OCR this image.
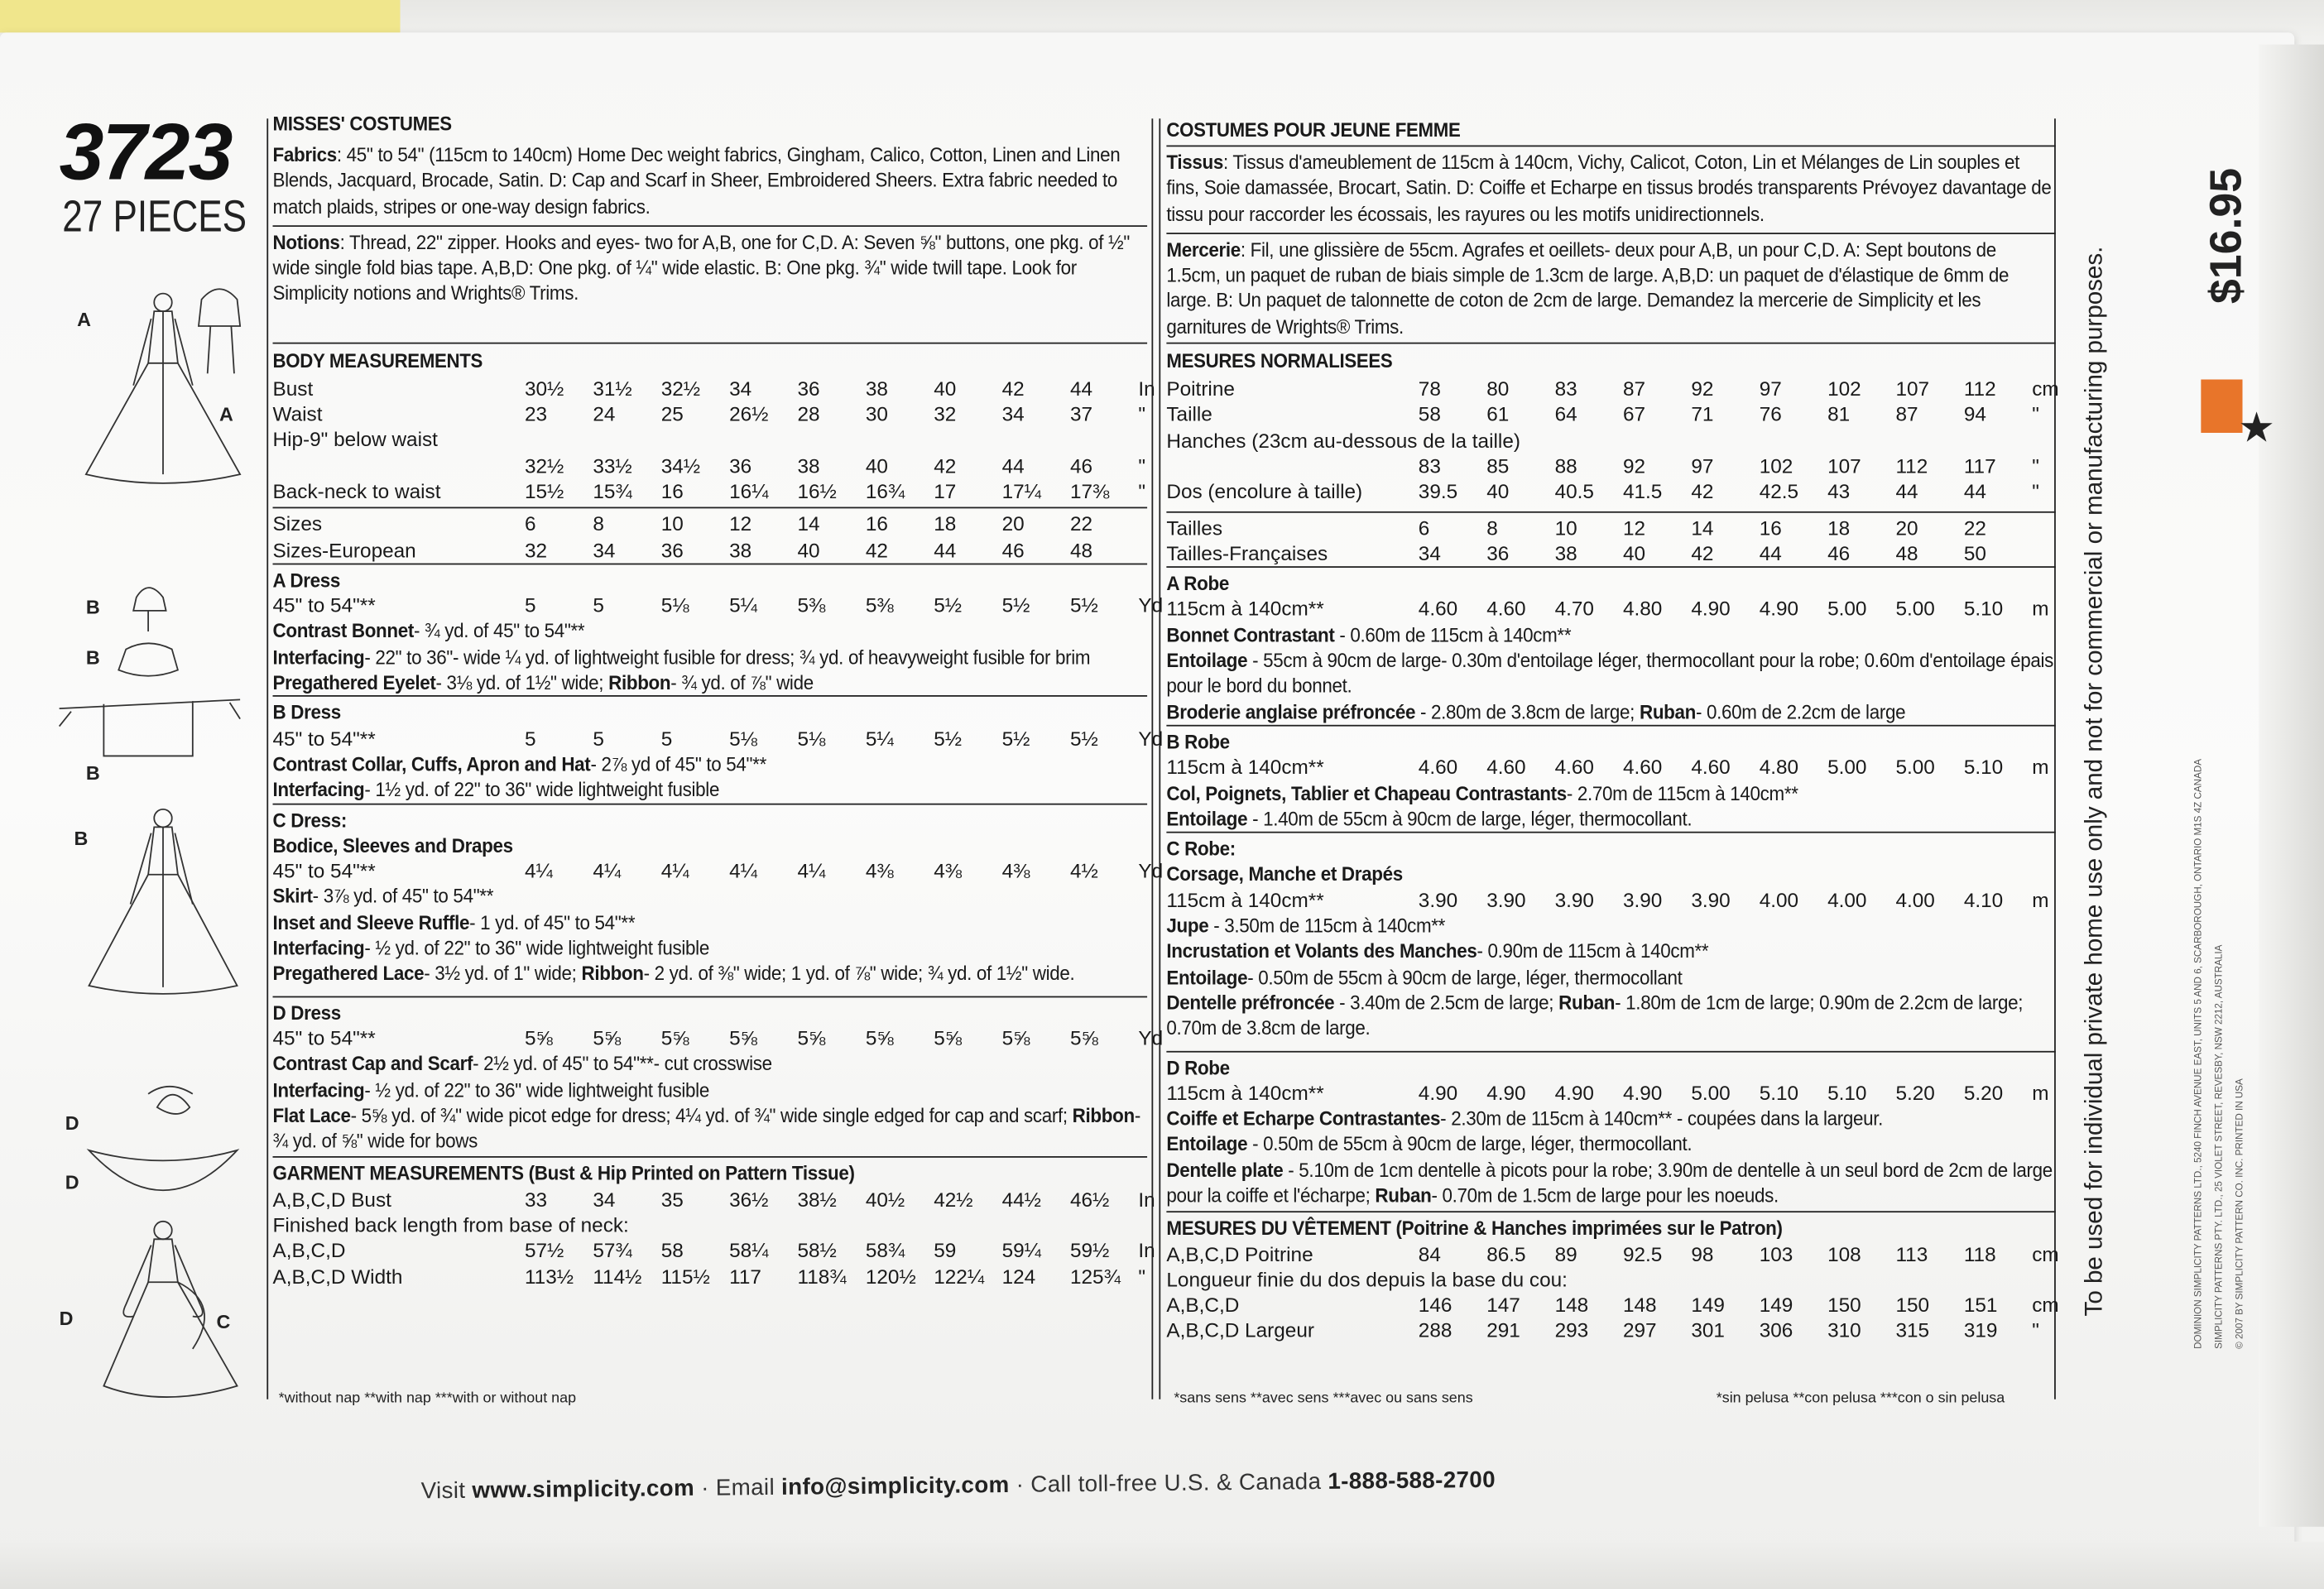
3723
27 PIECES
A
A
B
B
B
B
D
D
D	C

MISSES' COSTUMES

Fabrics: 45" to 54" (115cm to 140cm) Home Dec weight fabrics, Gingham, Calico, Cotton, Linen and Linen Blends, Jacquard, Brocade, Satin. D: Cap and Scarf in Sheer, Embroidered Sheers. Extra fabric needed to match plaids, stripes or one-way design fabrics.

Notions: Thread, 22" zipper. Hooks and eyes- two for A,B, one for C,D. A: Seven ⅝" buttons, one pkg. of ½" wide single fold bias tape. A,B,D: One pkg. of ¼" wide elastic. B: One pkg. ¾" wide twill tape. Look for Simplicity notions and Wrights® Trims.

BODY MEASUREMENTS

Bust	30½	31½	32½	34	36	38	40	42	44	In
Waist	23	24	25	26½	28	30	32	34	37	"
Hip-9" below waist										
	32½	33½	34½	36	38	40	42	44	46	"
Back-neck to waist	15½	15¾	16	16¼	16½	16¾	17	17¼	17⅜	"
Sizes	6	8	10	12	14	16	18	20	22	
Sizes-European	32	34	36	38	40	42	44	46	48	

A Dress

45" to 54"**	5	5	5⅛	5¼	5⅜	5⅜	5½	5½	5½	Yd

Contrast Bonnet- ¾ yd. of 45" to 54"**

Interfacing- 22" to 36"- wide ¼ yd. of lightweight fusible for dress; ¾ yd. of heavyweight fusible for brim

Pregathered Eyelet- 3⅛ yd. of 1½" wide; Ribbon- ¾ yd. of ⅞" wide

B Dress

45" to 54"**	5	5	5	5⅛	5⅛	5¼	5½	5½	5½	Yd

Contrast Collar, Cuffs, Apron and Hat- 2⅞ yd of 45" to 54"**

Interfacing- 1½ yd. of 22" to 36" wide lightweight fusible

C Dress:

Bodice, Sleeves and Drapes

45" to 54"**	4¼	4¼	4¼	4¼	4¼	4⅜	4⅜	4⅜	4½	Yd

Skirt- 3⅞ yd. of 45" to 54"**

Inset and Sleeve Ruffle- 1 yd. of 45" to 54"**

Interfacing- ½ yd. of 22" to 36" wide lightweight fusible

Pregathered Lace- 3½ yd. of 1" wide; Ribbon- 2 yd. of ⅜" wide; 1 yd. of ⅞" wide; ¾ yd. of 1½" wide.

D Dress

45" to 54"**	5⅝	5⅝	5⅝	5⅝	5⅝	5⅝	5⅝	5⅝	5⅝	Yd

Contrast Cap and Scarf- 2½ yd. of 45" to 54"**- cut crosswise

Interfacing- ½ yd. of 22" to 36" wide lightweight fusible

Flat Lace- 5⅝ yd. of ¾" wide picot edge for dress; 4¼ yd. of ¾" wide single edged for cap and scarf; Ribbon- ¾ yd. of ⅝" wide for bows

GARMENT MEASUREMENTS (Bust & Hip Printed on Pattern Tissue)

A,B,C,D Bust	33	34	35	36½	38½	40½	42½	44½	46½	In
Finished back length from base of neck:										
A,B,C,D	57½	57¾	58	58¼	58½	58¾	59	59¼	59½	In
A,B,C,D Width	113½	114½	115½	117	118¾	120½	122¼	124	125¾	"

COSTUMES POUR JEUNE FEMME

Tissus: Tissus d'ameublement de 115cm à 140cm, Vichy, Calicot, Coton, Lin et Mélanges de Lin souples et fins, Soie damassée, Brocart, Satin. D: Coiffe et Echarpe en tissus brodés transparents Prévoyez davantage de tissu pour raccorder les écossais, les rayures ou les motifs unidirectionnels.

Mercerie: Fil, une glissière de 55cm. Agrafes et oeillets- deux pour A,B, un pour C,D. A: Sept boutons de 1.5cm, un paquet de ruban de biais simple de 1.3cm de large. A,B,D: un paquet de d'élastique de 6mm de large. B: Un paquet de talonnette de coton de 2cm de large. Demandez la mercerie de Simplicity et les garnitures de Wrights® Trims.

MESURES NORMALISEES

Poitrine	78	80	83	87	92	97	102	107	112	cm
Taille	58	61	64	67	71	76	81	87	94	"
Hanches (23cm au-dessous de la taille)										
	83	85	88	92	97	102	107	112	117	"
Dos (encolure à taille)	39.5	40	40.5	41.5	42	42.5	43	44	44	"
Tailles	6	8	10	12	14	16	18	20	22	
Tailles-Françaises	34	36	38	40	42	44	46	48	50	

A Robe

115cm à 140cm**	4.60	4.60	4.70	4.80	4.90	4.90	5.00	5.00	5.10	m

Bonnet Contrastant - 0.60m de 115cm à 140cm**

Entoilage - 55cm à 90cm de large- 0.30m d'entoilage léger, thermocollant pour la robe; 0.60m d'entoilage épais pour le bord du bonnet.

Broderie anglaise préfroncée - 2.80m de 3.8cm de large; Ruban- 0.60m de 2.2cm de large

B Robe

115cm à 140cm**	4.60	4.60	4.60	4.60	4.60	4.80	5.00	5.00	5.10	m

Col, Poignets, Tablier et Chapeau Contrastants- 2.70m de 115cm à 140cm**

Entoilage - 1.40m de 55cm à 90cm de large, léger, thermocollant.

C Robe:

Corsage, Manche et Drapés

115cm à 140cm**	3.90	3.90	3.90	3.90	3.90	4.00	4.00	4.00	4.10	m

Jupe - 3.50m de 115cm à 140cm**

Incrustation et Volants des Manches- 0.90m de 115cm à 140cm**

Entoilage- 0.50m de 55cm à 90cm de large, léger, thermocollant

Dentelle préfroncée - 3.40m de 2.5cm de large; Ruban- 1.80m de 1cm de large; 0.90m de 2.2cm de large; 0.70m de 3.8cm de large.

D Robe

115cm à 140cm**	4.90	4.90	4.90	4.90	5.00	5.10	5.10	5.20	5.20	m

Coiffe et Echarpe Contrastantes- 2.30m de 115cm à 140cm** - coupées dans la largeur.

Entoilage - 0.50m de 55cm à 90cm de large, léger, thermocollant.

Dentelle plate - 5.10m de 1cm dentelle à picots pour la robe; 3.90m de dentelle à un seul bord de 2cm de large pour la coiffe et l'écharpe; Ruban- 0.70m de 1.5cm de large pour les noeuds.

MESURES DU VÊTEMENT (Poitrine & Hanches imprimées sur le Patron)

A,B,C,D Poitrine	84	86.5	89	92.5	98	103	108	113	118	cm
Longueur finie du dos depuis la base du cou:										
A,B,C,D	146	147	148	148	149	149	150	150	151	cm
A,B,C,D Largeur	288	291	293	297	301	306	310	315	319	"
*without nap **with nap ***with or without nap	*sans sens **avec sens ***avec ou sans sens	*sin pelusa **con pelusa ***con o sin pelusa
Visit www.simplicity.com · Email info@simplicity.com · Call toll-free U.S. & Canada 1-888-588-2700
To be used for individual private home use only and not for commercial or manufacturing purposes.
$16.95
★
DOMINION SIMPLICITY PATTERNS LTD., 5240 FINCH AVENUE EAST, UNITS 5 AND 6, SCARBOROUGH, ONTARIO M1S 4Z CANADA SIMPLICITY PATTERNS PTY. LTD., 25 VIOLET STREET, REVESBY, NSW 2212, AUSTRALIA © 2007 BY SIMPLICITY PATTERN CO. INC. PRINTED IN USA
